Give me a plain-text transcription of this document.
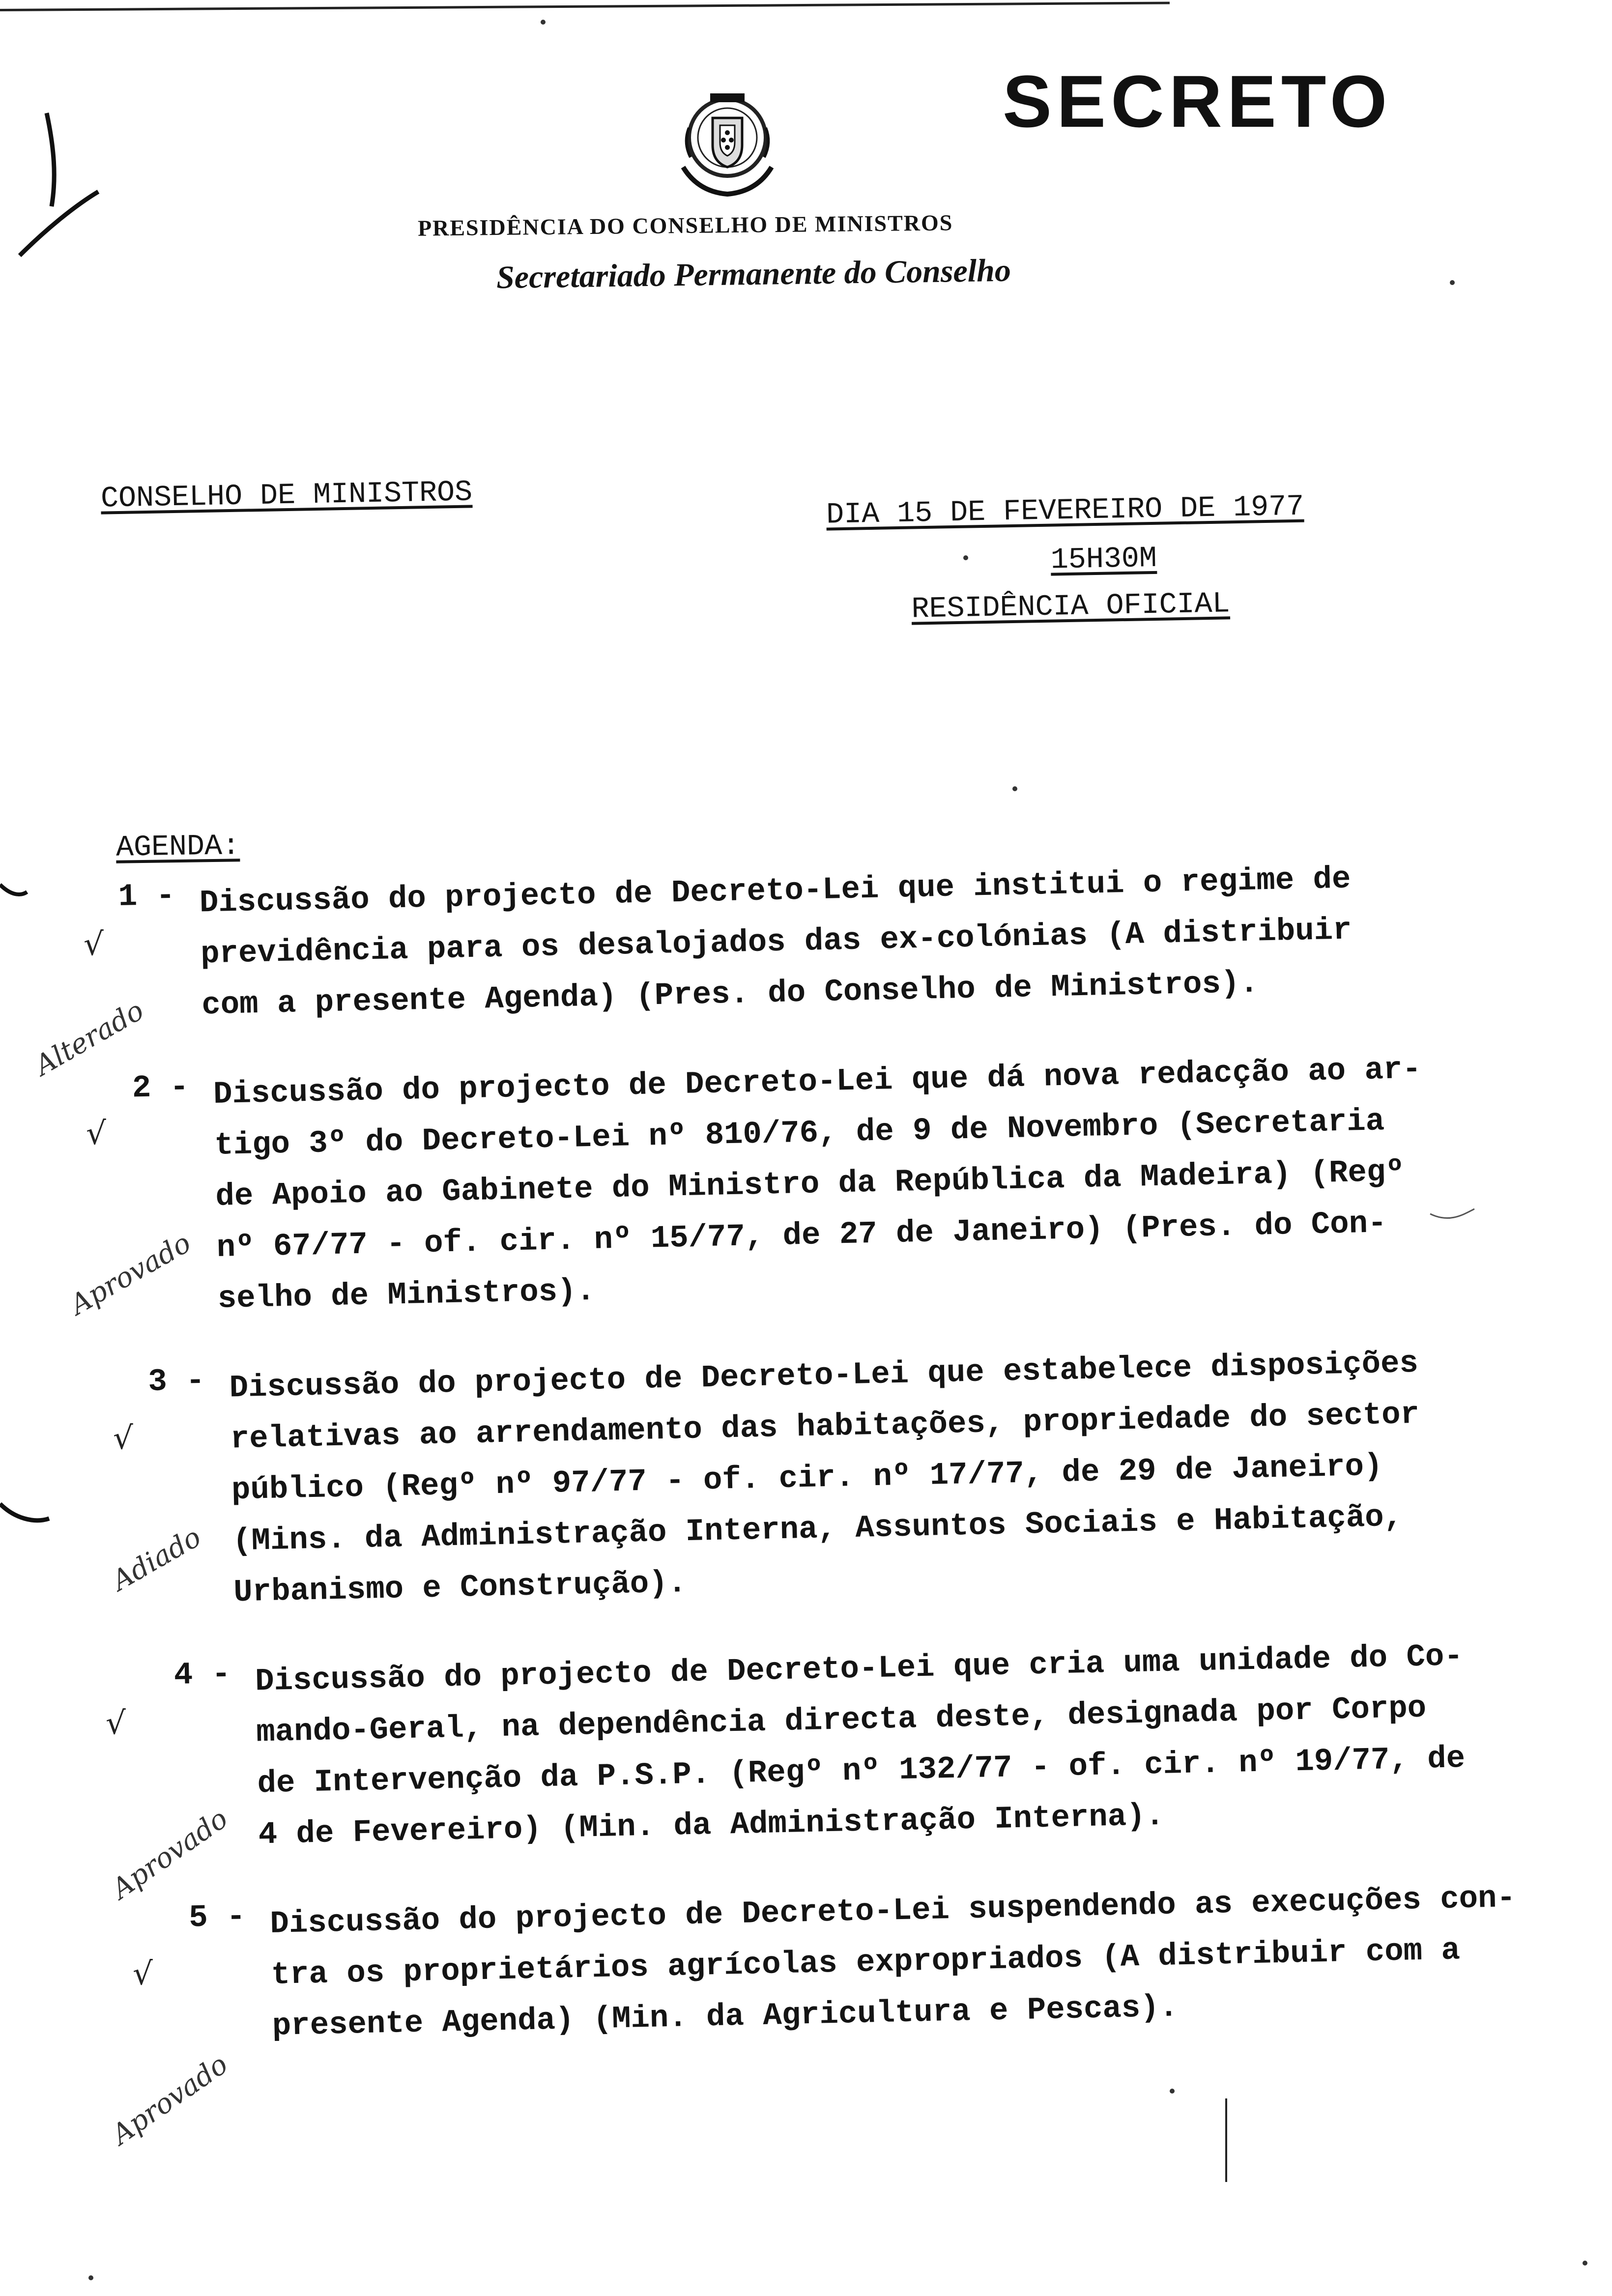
SECRETO
PRESIDÊNCIA DO CONSELHO DE MINISTROS
Secretariado Permanente do Conselho
CONSELHO DE MINISTROS	DIA 15 DE FEVEREIRO DE 1977
15H30M
RESIDÊNCIA OFICIAL
AGENDA:
1 - Discussão do projecto de Decreto-Lei que institui o regime de
previdência para os desalojados das ex-colónias (A distribuir
com a presente Agenda) (Pres. do Conselho de Ministros).
2 - Discussão do projecto de Decreto-Lei que dá nova redacção ao ar-
tigo 3º do Decreto-Lei nº 810/76, de 9 de Novembro (Secretaria
de Apoio ao Gabinete do Ministro da República da Madeira) (Regº
nº 67/77 - of. cir. nº 15/77, de 27 de Janeiro) (Pres. do Con-
selho de Ministros).
3 - Discussão do projecto de Decreto-Lei que estabelece disposições
relativas ao arrendamento das habitações, propriedade do sector
público (Regº nº 97/77 - of. cir. nº 17/77, de 29 de Janeiro)
(Mins. da Administração Interna, Assuntos Sociais e Habitação,
Urbanismo e Construção).
4 - Discussão do projecto de Decreto-Lei que cria uma unidade do Co-
mando-Geral, na dependência directa deste, designada por Corpo
de Intervenção da P.S.P. (Regº nº 132/77 - of. cir. nº 19/77, de
4 de Fevereiro) (Min. da Administração Interna).
5 - Discussão do projecto de Decreto-Lei suspendendo as execuções con-
tra os proprietários agrícolas expropriados (A distribuir com a
presente Agenda) (Min. da Agricultura e Pescas).
√
√
√
√
√
Alterado
Aprovado
Adiado
Aprovado
Aprovado
